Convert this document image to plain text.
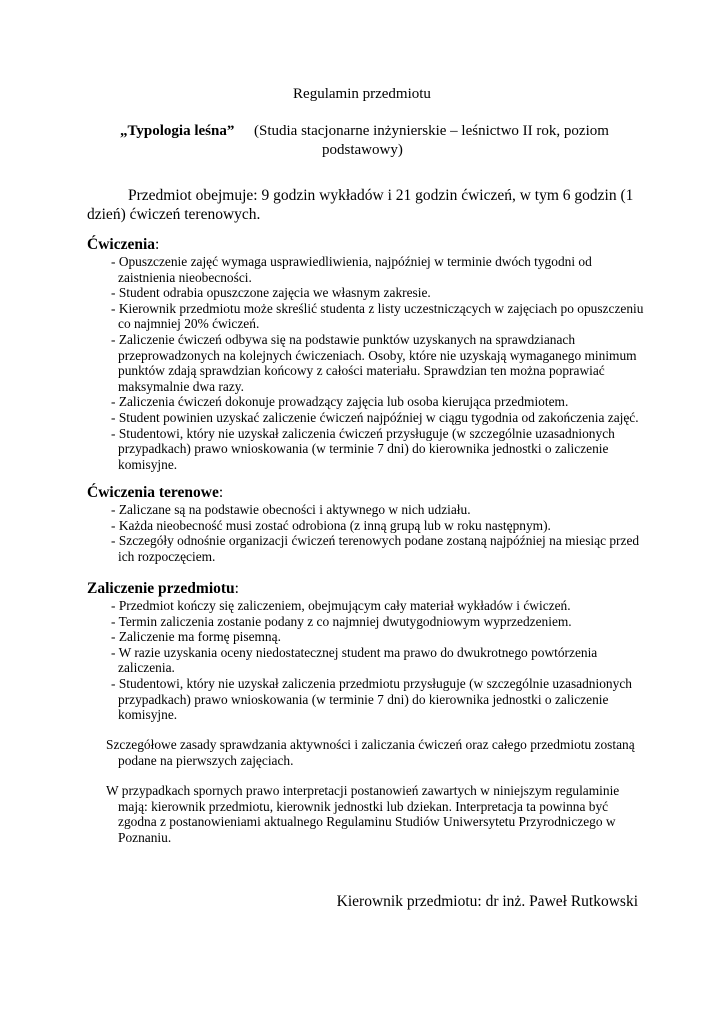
Regulamin przedmiotu
„Typologia leśna” (Studia stacjonarne inżynierskie – leśnictwo II rok, poziom
podstawowy)
Przedmiot obejmuje: 9 godzin wykładów i 21 godzin ćwiczeń, w tym 6 godzin (1 dzień) ćwiczeń terenowych.
Ćwiczenia:
- Opuszczenie zajęć wymaga usprawiedliwienia, najpóźniej w terminie dwóch tygodni od zaistnienia nieobecności.
- Student odrabia opuszczone zajęcia we własnym zakresie.
- Kierownik przedmiotu może skreślić studenta z listy uczestniczących w zajęciach po opuszczeniu co najmniej 20% ćwiczeń.
- Zaliczenie ćwiczeń odbywa się na podstawie punktów uzyskanych na sprawdzianach przeprowadzonych na kolejnych ćwiczeniach. Osoby, które nie uzyskają wymaganego minimum punktów zdają sprawdzian końcowy z całości materiału. Sprawdzian ten można poprawiać maksymalnie dwa razy.
- Zaliczenia ćwiczeń dokonuje prowadzący zajęcia lub osoba kierująca przedmiotem.
- Student powinien uzyskać zaliczenie ćwiczeń najpóźniej w ciągu tygodnia od zakończenia zajęć.
- Studentowi, który nie uzyskał zaliczenia ćwiczeń przysługuje (w szczególnie uzasadnionych przypadkach) prawo wnioskowania (w terminie 7 dni) do kierownika jednostki o zaliczenie komisyjne.
Ćwiczenia terenowe:
- Zaliczane są na podstawie obecności i aktywnego w nich udziału.
- Każda nieobecność musi zostać odrobiona (z inną grupą lub w roku następnym).
- Szczegóły odnośnie organizacji ćwiczeń terenowych podane zostaną najpóźniej na miesiąc przed ich rozpoczęciem.
Zaliczenie przedmiotu:
- Przedmiot kończy się zaliczeniem, obejmującym cały materiał wykładów i ćwiczeń.
- Termin zaliczenia zostanie podany z co najmniej dwutygodniowym wyprzedzeniem.
- Zaliczenie ma formę pisemną.
- W razie uzyskania oceny niedostatecznej student ma prawo do dwukrotnego powtórzenia zaliczenia.
- Studentowi, który nie uzyskał zaliczenia przedmiotu przysługuje (w szczególnie uzasadnionych przypadkach) prawo wnioskowania (w terminie 7 dni) do kierownika jednostki o zaliczenie komisyjne.
Szczegółowe zasady sprawdzania aktywności i zaliczania ćwiczeń oraz całego przedmiotu zostaną podane na pierwszych zajęciach.
W przypadkach spornych prawo interpretacji postanowień zawartych w niniejszym regulaminie mają: kierownik przedmiotu, kierownik jednostki lub dziekan. Interpretacja ta powinna być zgodna z postanowieniami aktualnego Regulaminu Studiów Uniwersytetu Przyrodniczego w Poznaniu.
Kierownik przedmiotu: dr inż. Paweł Rutkowski
